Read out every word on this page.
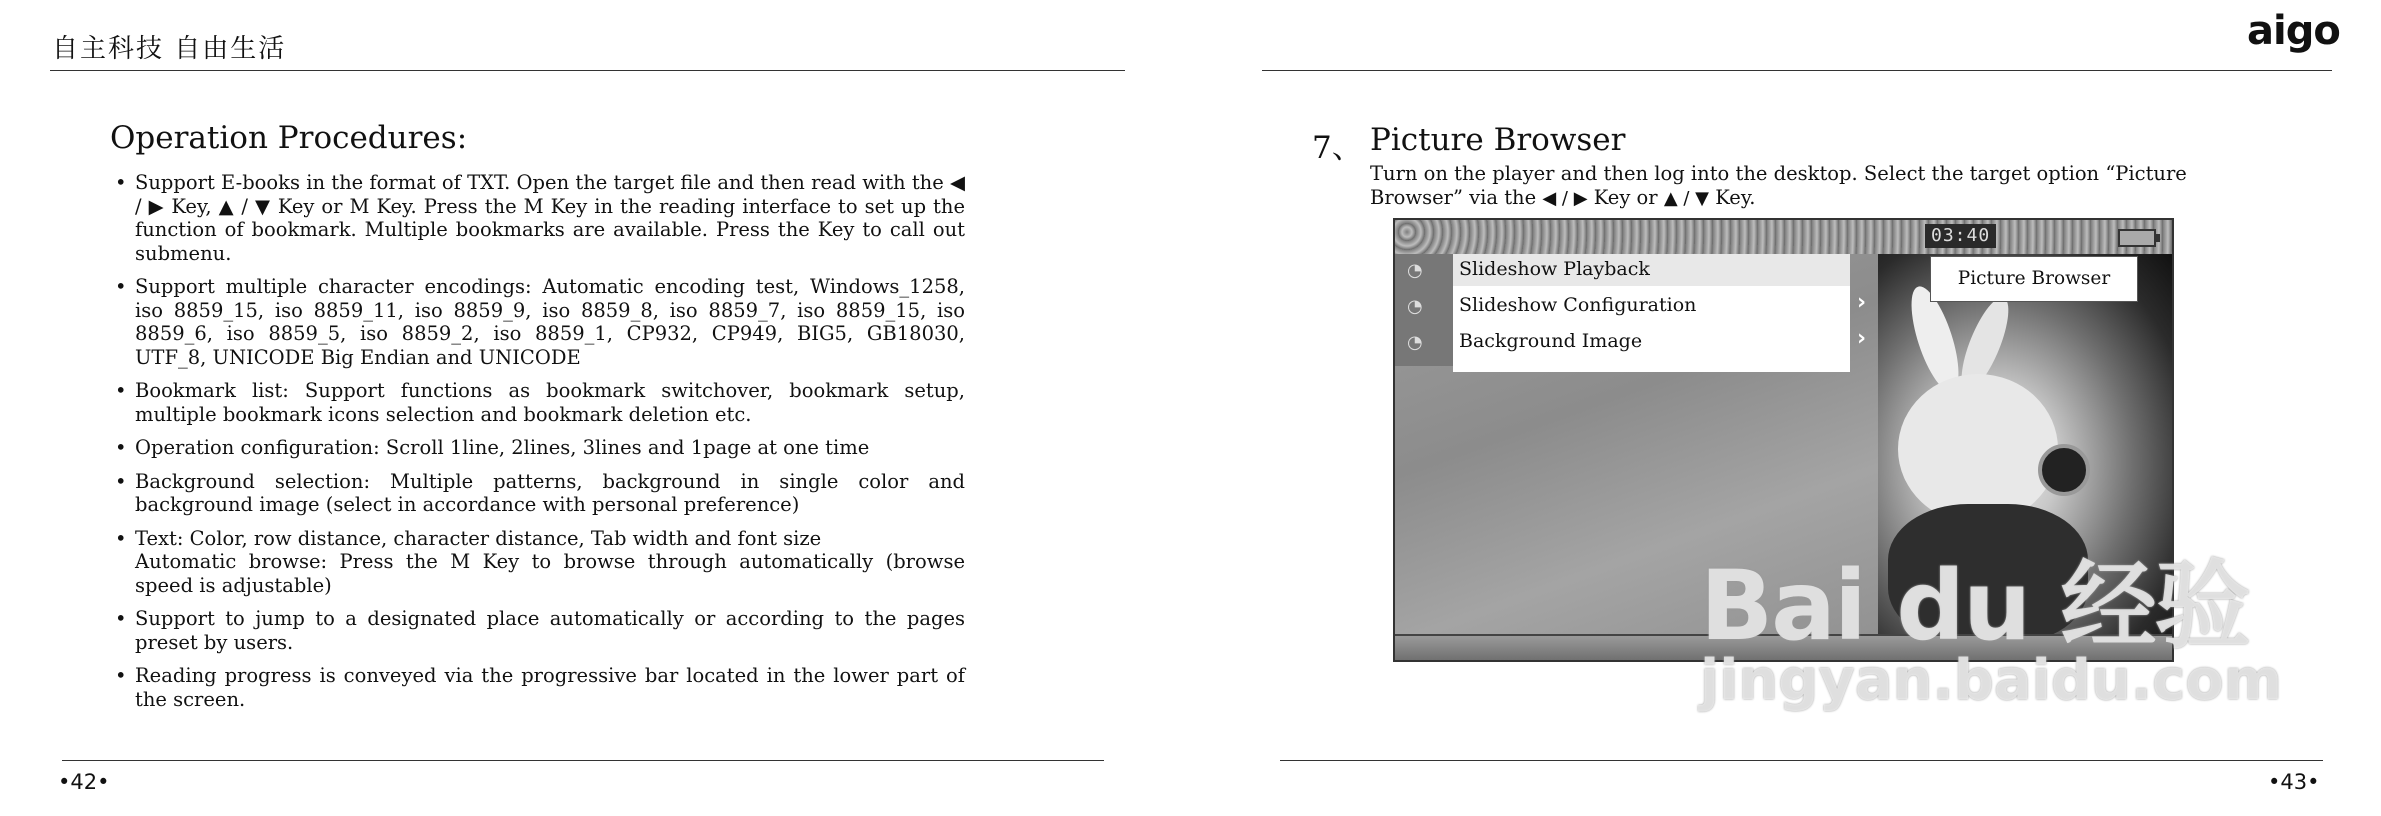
自主科技 自由生活
Operation Procedures:
• Support E-books in the format of TXT. Open the target file and then read with the ◀ / ▶ Key, ▲ / ▼ Key or M Key. Press the M Key in the reading interface to set up the function of bookmark. Multiple bookmarks are available. Press the Key to call out submenu.
• Support multiple character encodings: Automatic encoding test, Windows_1258, iso 8859_15, iso 8859_11, iso 8859_9, iso 8859_8, iso 8859_7, iso 8859_15, iso 8859_6, iso 8859_5, iso 8859_2, iso 8859_1, CP932, CP949, BIG5, GB18030, UTF_8, UNICODE Big Endian and UNICODE
• Bookmark list: Support functions as bookmark switchover, bookmark setup, multiple bookmark icons selection and bookmark deletion etc.
• Operation configuration: Scroll 1line, 2lines, 3lines and 1page at one time
• Background selection: Multiple patterns, background in single color and background image (select in accordance with personal preference)
• Text: Color, row distance, character distance, Tab width and font size
Automatic browse: Press the M Key to browse through automatically (browse speed is adjustable)
• Support to jump to a designated place automatically or according to the pages preset by users.
• Reading progress is conveyed via the progressive bar located in the lower part of the screen.
•42•
aigo
7、 Picture Browser
Turn on the player and then log into the desktop. Select the target option “Picture
Browser” via the ◀ / ▶ Key or ▲ / ▼ Key.
03:40
◔
◔
◔
Slideshow Playback
Slideshow Configuration
Background Image
›
›
Picture Browser
Bai du 经验
jingyan.baidu.com
•43•
